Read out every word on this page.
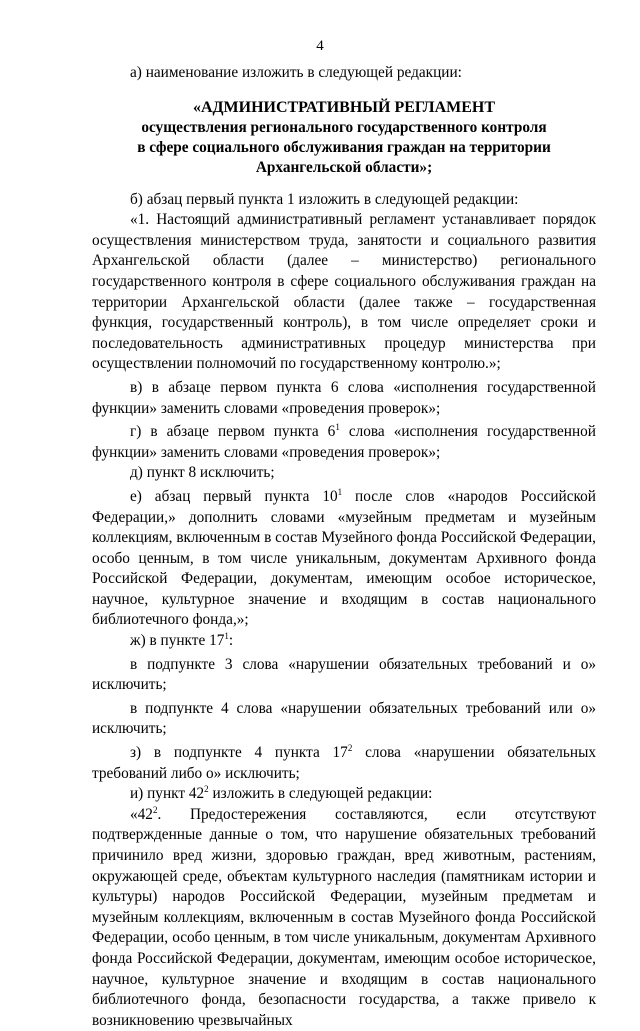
4

а) наименование изложить в следующей редакции:

«АДМИНИСТРАТИВНЫЙ РЕГЛАМЕНТ
осуществления регионального государственного контроля
в сфере социального обслуживания граждан на территории
Архангельской области»;

б) абзац первый пункта 1 изложить в следующей редакции:

«1. Настоящий административный регламент устанавливает порядок осуществления министерством труда, занятости и социального развития Архангельской области (далее – министерство) регионального государственного контроля в сфере социального обслуживания граждан на территории Архангельской области (далее также – государственная функция, государственный контроль), в том числе определяет сроки и последовательность административных процедур министерства при осуществлении полномочий по государственному контролю.»;

в) в абзаце первом пункта 6 слова «исполнения государственной функции» заменить словами «проведения проверок»;

г) в абзаце первом пункта $6^1$ слова «исполнения государственной функции» заменить словами «проведения проверок»;

д) пункт 8 исключить;

е) абзац первый пункта $10^1$ после слов «народов Российской Федерации,» дополнить словами «музейным предметам и музейным коллекциям, включенным в состав Музейного фонда Российской Федерации, особо ценным, в том числе уникальным, документам Архивного фонда Российской Федерации, документам, имеющим особое историческое, научное, культурное значение и входящим в состав национального библиотечного фонда,»;

ж) в пункте $17^1$:

в подпункте 3 слова «нарушении обязательных требований и о» исключить;

в подпункте 4 слова «нарушении обязательных требований или о» исключить;

з) в подпункте 4 пункта $17^2$ слова «нарушении обязательных требований либо о» исключить;

и) пункт $42^2$ изложить в следующей редакции:

«$42^2$. Предостережения составляются, если отсутствуют подтвержденные данные о том, что нарушение обязательных требований причинило вред жизни, здоровью граждан, вред животным, растениям, окружающей среде, объектам культурного наследия (памятникам истории и культуры) народов Российской Федерации, музейным предметам и музейным коллекциям, включенным в состав Музейного фонда Российской Федерации, особо ценным, в том числе уникальным, документам Архивного фонда Российской Федерации, документам, имеющим особое историческое, научное, культурное значение и входящим в состав национального библиотечного фонда, безопасности государства, а также привело к возникновению чрезвычайных
